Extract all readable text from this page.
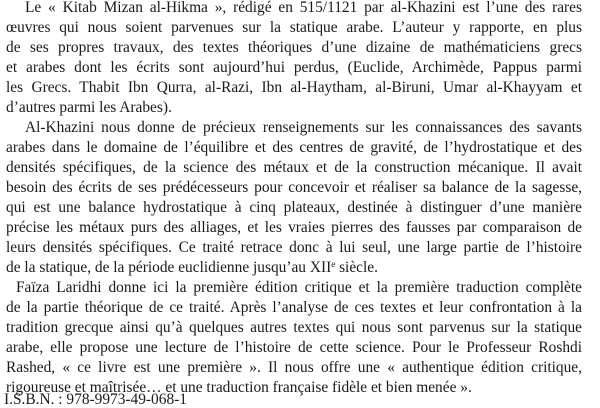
Le « Kitab Mizan al-Hikma », rédigé en 515/1121 par al-Khazini est l’une des rares
œuvres qui nous soient parvenues sur la statique arabe. L’auteur y rapporte, en plus
de ses propres travaux, des textes théoriques d’une dizaine de mathématiciens grecs
et arabes dont les écrits sont aujourd’hui perdus, (Euclide, Archimède, Pappus parmi
les Grecs. Thabit Ibn Qurra, al-Razi, Ibn al-Haytham, al-Biruni, Umar al-Khayyam et
d’autres parmi les Arabes).
Al-Khazini nous donne de précieux renseignements sur les connaissances des savants
arabes dans le domaine de l’équilibre et des centres de gravité, de l’hydrostatique et des
densités spécifiques, de la science des métaux et de la construction mécanique. Il avait
besoin des écrits de ses prédécesseurs pour concevoir et réaliser sa balance de la sagesse,
qui est une balance hydrostatique à cinq plateaux, destinée à distinguer d’une manière
précise les métaux purs des alliages, et les vraies pierres des fausses par comparaison de
leurs densités spécifiques. Ce traité retrace donc à lui seul, une large partie de l’histoire
de la statique, de la période euclidienne jusqu’au XIIe siècle.
Faïza Laridhi donne ici la première édition critique et la première traduction complète
de la partie théorique de ce traité. Après l’analyse de ces textes et leur confrontation à la
tradition grecque ainsi qu’à quelques autres textes qui nous sont parvenus sur la statique
arabe, elle propose une lecture de l’histoire de cette science. Pour le Professeur Roshdi
Rashed, « ce livre est une première ». Il nous offre une « authentique édition critique,
rigoureuse et maîtrisée… et une traduction française fidèle et bien menée ».
I.S.B.N. : 978-9973-49-068-1
